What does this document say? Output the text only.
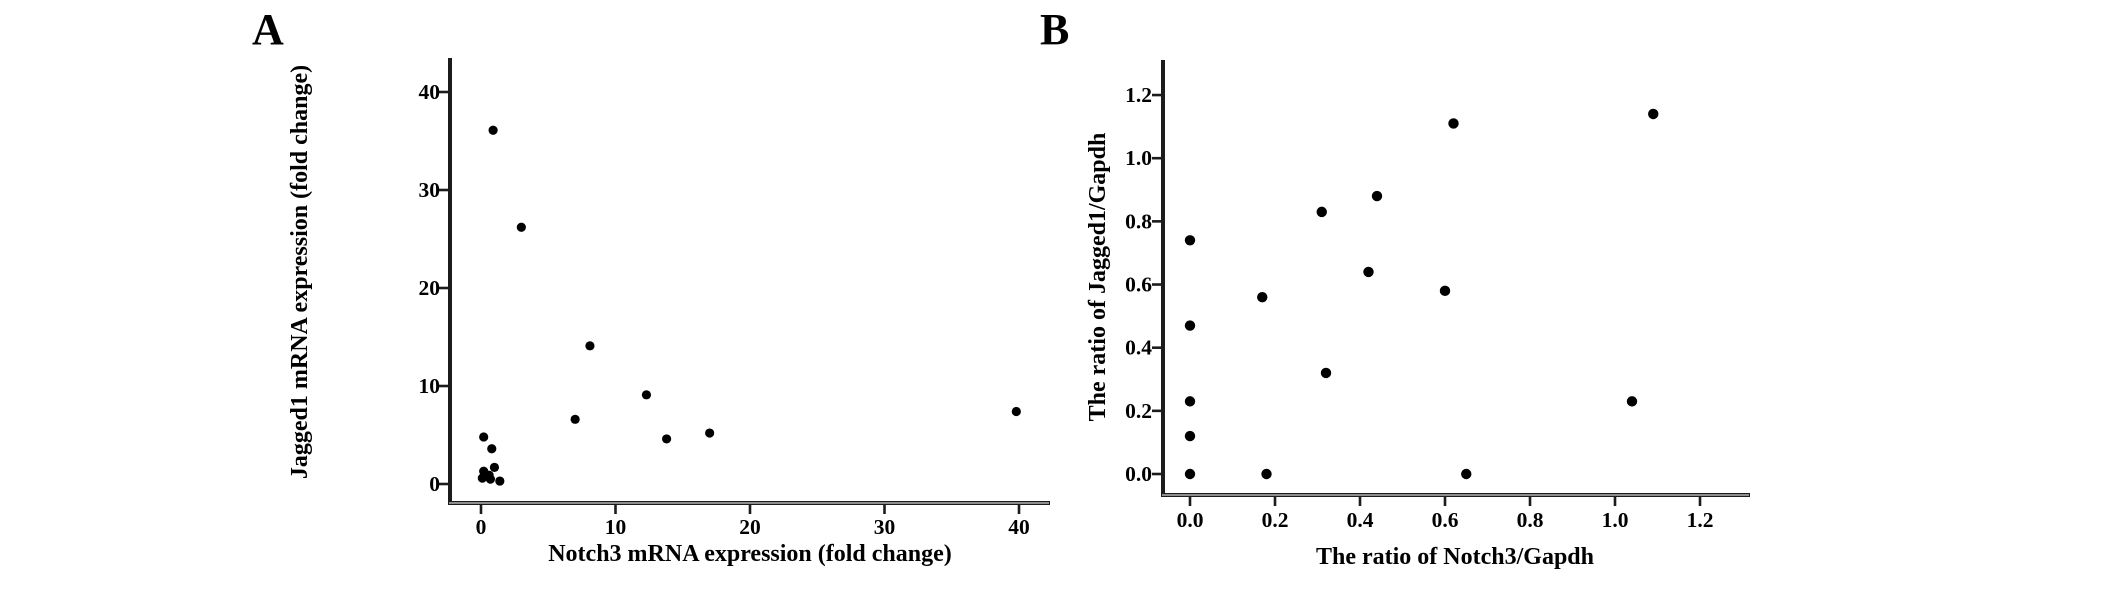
0	10	20	30	40
0
10
20
30
40
0.0	0.2	0.4	0.6	0.8	1.0	1.2
0.0
0.2
0.4
0.6
0.8
1.0
1.2
A	B
Jagged1 mRNA expression (fold change)
Notch3 mRNA expression (fold change)
The ratio of Jagged1/Gapdh
The ratio of Notch3/Gapdh
